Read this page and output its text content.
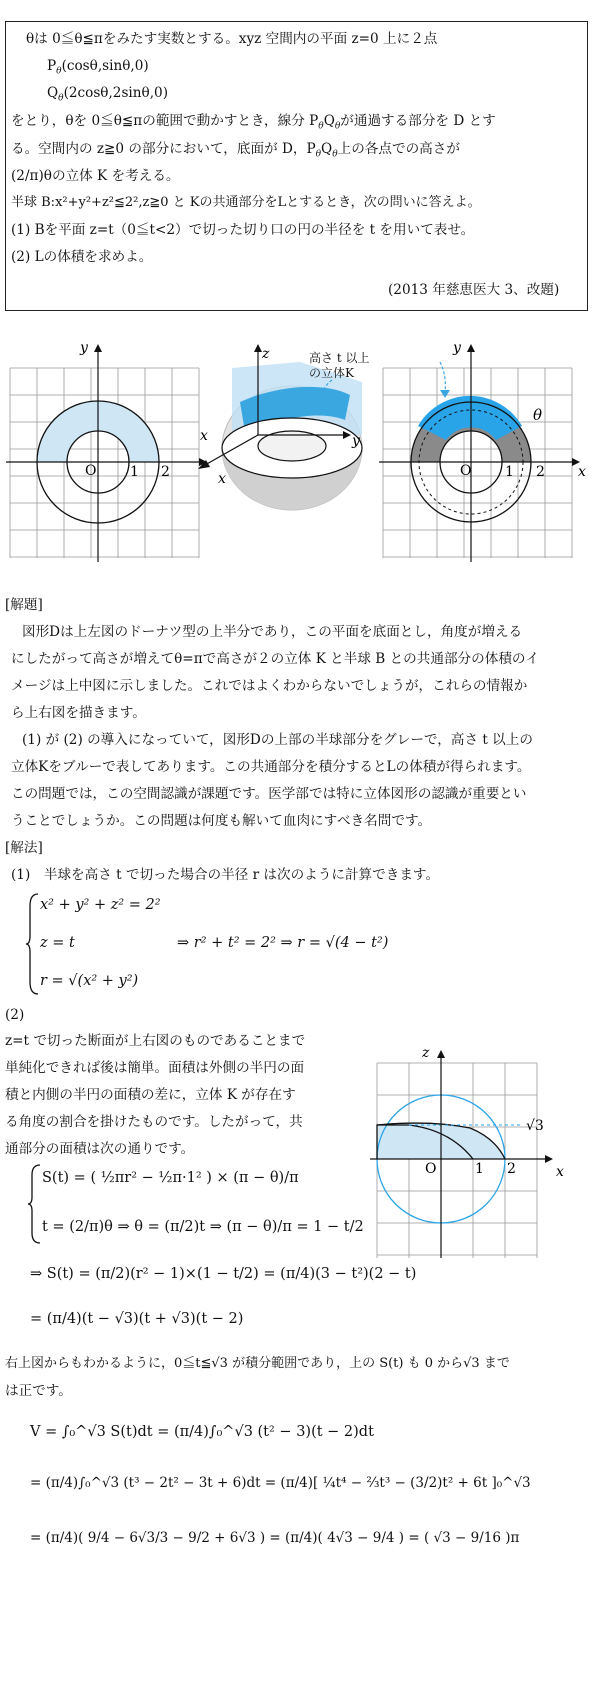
θは 0≦θ≦πをみたす実数とする。xyz 空間内の平面 z=0 上に２点
$P_\theta(\cos\theta,\sin\theta,0)$
$Q_\theta(2\cos\theta,2\sin\theta,0)$
をとり，θを 0≦θ≦πの範囲で動かすとき，線分 $P_\theta Q_\theta$が通過する部分を D とす
る。空間内の z≧0 の部分において，底面が D，$P_\theta Q_\theta$上の各点での高さが
(2/π)θの立体 K を考える。
半球 B:x²+y²+z²≦2²,z≧0 と Kの共通部分をLとするとき，次の問いに答えよ。
(1) Bを平面 z=t（0≦t<2）で切った切り口の円の半径を t を用いて表せ。
(2) Lの体積を求めよ。
(2013 年慈恵医大 3、改題)
x
y
O 1 2
z
y
x	x
y
O 1 2
θ
高さ t 以上
の立体K
[解題]
図形Dは上左図のドーナツ型の上半分であり，この平面を底面とし，角度が増える
にしたがって高さが増えてθ=πで高さが２の立体 K と半球 B との共通部分の体積のイ
メージは上中図に示しました。これではよくわからないでしょうが，これらの情報か
ら上右図を描きます。
(1) が (2) の導入になっていて，図形Dの上部の半球部分をグレーで，高さ t 以上の
立体Kをブルーで表してあります。この共通部分を積分するとLの体積が得られます。
この問題では，この空間認識が課題です。医学部では特に立体図形の認識が重要とい
うことでしょうか。この問題は何度も解いて血肉にすべき名問です。
[解法]
(1)　半球を高さ t で切った場合の半径 r は次のように計算できます。
x² + y² + z² = 2²
z = t
r = √(x² + y²)
⇒ r² + t² = 2² ⇒ r = √(4 − t²)
(2)
z=t で切った断面が上右図のものであることまで
単純化できれば後は簡単。面積は外側の半円の面
積と内側の半円の面積の差に，立体 K が存在す
る角度の割合を掛けたものです。したがって，共
通部分の面積は次の通りです。
z
x
O	1 2
√3
S(t) = ( ½πr² − ½π·1² ) × (π − θ)/π
t = (2/π)θ ⇒ θ = (π/2)t ⇒ (π − θ)/π = 1 − t/2
⇒ S(t) = (π/2)(r² − 1)×(1 − t/2) = (π/4)(3 − t²)(2 − t)
= (π/4)(t − √3)(t + √3)(t − 2)
右上図からもわかるように，0≦t≦√3 が積分範囲であり，上の S(t) も 0 から√3 まで
は正です。
V = ∫₀^√3 S(t)dt = (π/4)∫₀^√3 (t² − 3)(t − 2)dt
= (π/4)∫₀^√3 (t³ − 2t² − 3t + 6)dt = (π/4)[ ¼t⁴ − ⅔t³ − (3/2)t² + 6t ]₀^√3
= (π/4)( 9/4 − 6√3/3 − 9/2 + 6√3 ) = (π/4)( 4√3 − 9/4 ) = ( √3 − 9/16 )π
